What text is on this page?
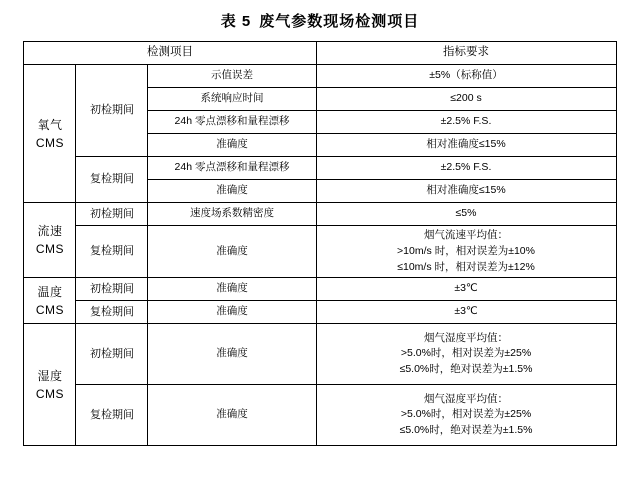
表 5 废气参数现场检测项目
检测项目			指标要求

氧气
CMS	初检期间	示值误差	±5%（标称值）
		系统响应时间	≤200 s
		24h 零点漂移和量程漂移	±2.5% F.S.
		准确度	相对准确度≤15%
	复检期间	24h 零点漂移和量程漂移	±2.5% F.S.
		准确度	相对准确度≤15%

流速
CMS	初检期间	速度场系数精密度	≤5%
	复检期间	准确度	烟气流速平均值：
>10m/s 时，相对误差为±10%
≤10m/s 时，相对误差为±12%

温度
CMS	初检期间	准确度	±3℃
	复检期间	准确度	±3℃

湿度
CMS	初检期间	准确度	烟气湿度平均值：
>5.0%时，相对误差为±25%
≤5.0%时，绝对误差为±1.5%

	复检期间	准确度	烟气湿度平均值：
>5.0%时，相对误差为±25%
≤5.0%时，绝对误差为±1.5%
